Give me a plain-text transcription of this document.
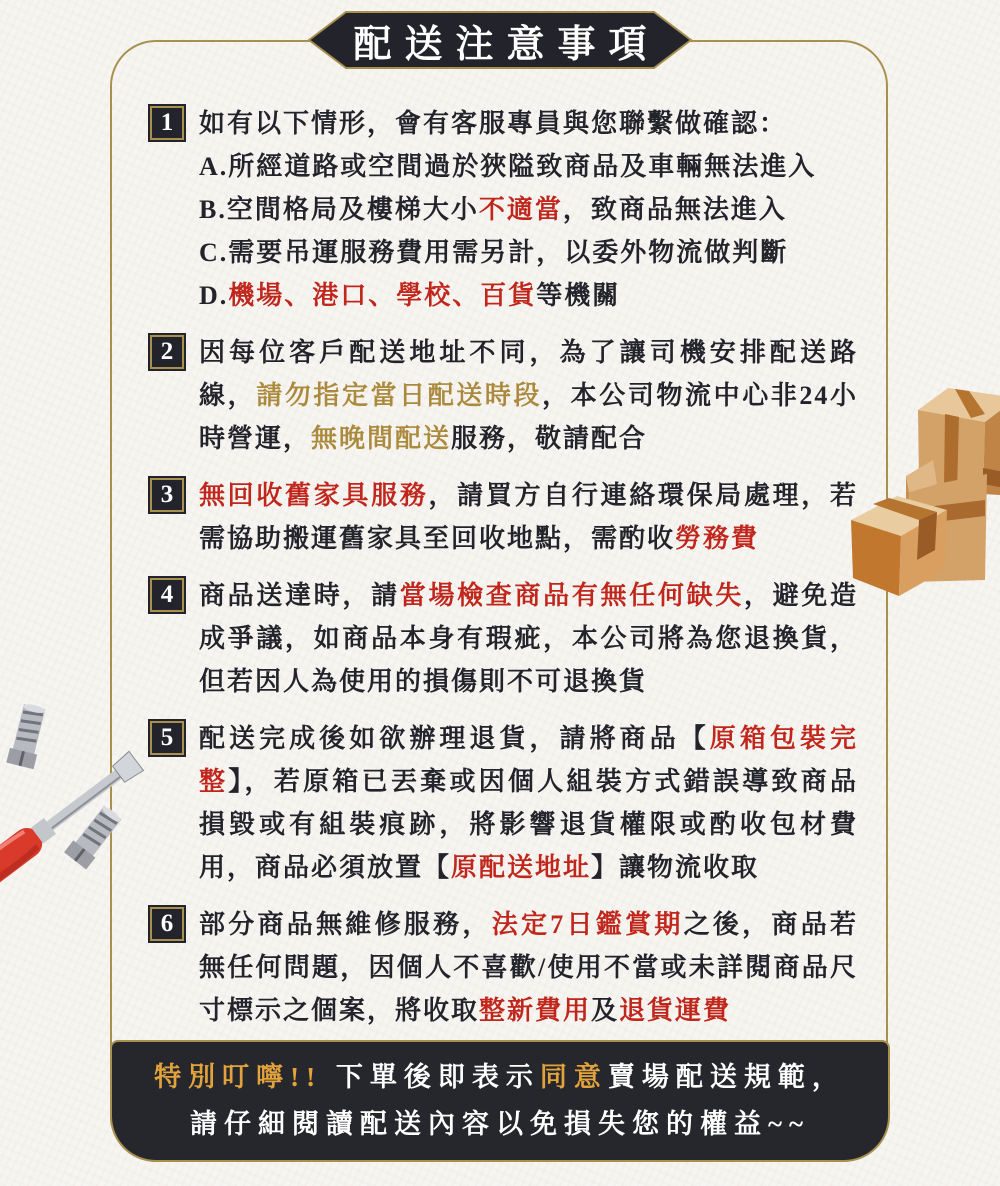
配送注意事項
1 如有以下情形，會有客服專員與您聯繫做確認：
A.所經道路或空間過於狹隘致商品及車輛無法進入
B.空間格局及樓梯大小不適當，致商品無法進入
C.需要吊運服務費用需另計，以委外物流做判斷
D.機場、港口、學校、百貨等機關
2 因每位客戶配送地址不同，為了讓司機安排配送路線，請勿指定當日配送時段，本公司物流中心非24小時營運，無晚間配送服務，敬請配合
3 無回收舊家具服務，請買方自行連絡環保局處理，若需協助搬運舊家具至回收地點，需酌收勞務費
4 商品送達時，請當場檢查商品有無任何缺失，避免造成爭議，如商品本身有瑕疵，本公司將為您退換貨，但若因人為使用的損傷則不可退換貨
5 配送完成後如欲辦理退貨，請將商品【原箱包裝完整】，若原箱已丟棄或因個人組裝方式錯誤導致商品損毀或有組裝痕跡，將影響退貨權限或酌收包材費用，商品必須放置【原配送地址】讓物流收取
6 部分商品無維修服務，法定7日鑑賞期之後，商品若無任何問題，因個人不喜歡/使用不當或未詳閱商品尺寸標示之個案，將收取整新費用及退貨運費
特別叮嚀!! 下單後即表示同意賣場配送規範，
請仔細閱讀配送內容以免損失您的權益~~
